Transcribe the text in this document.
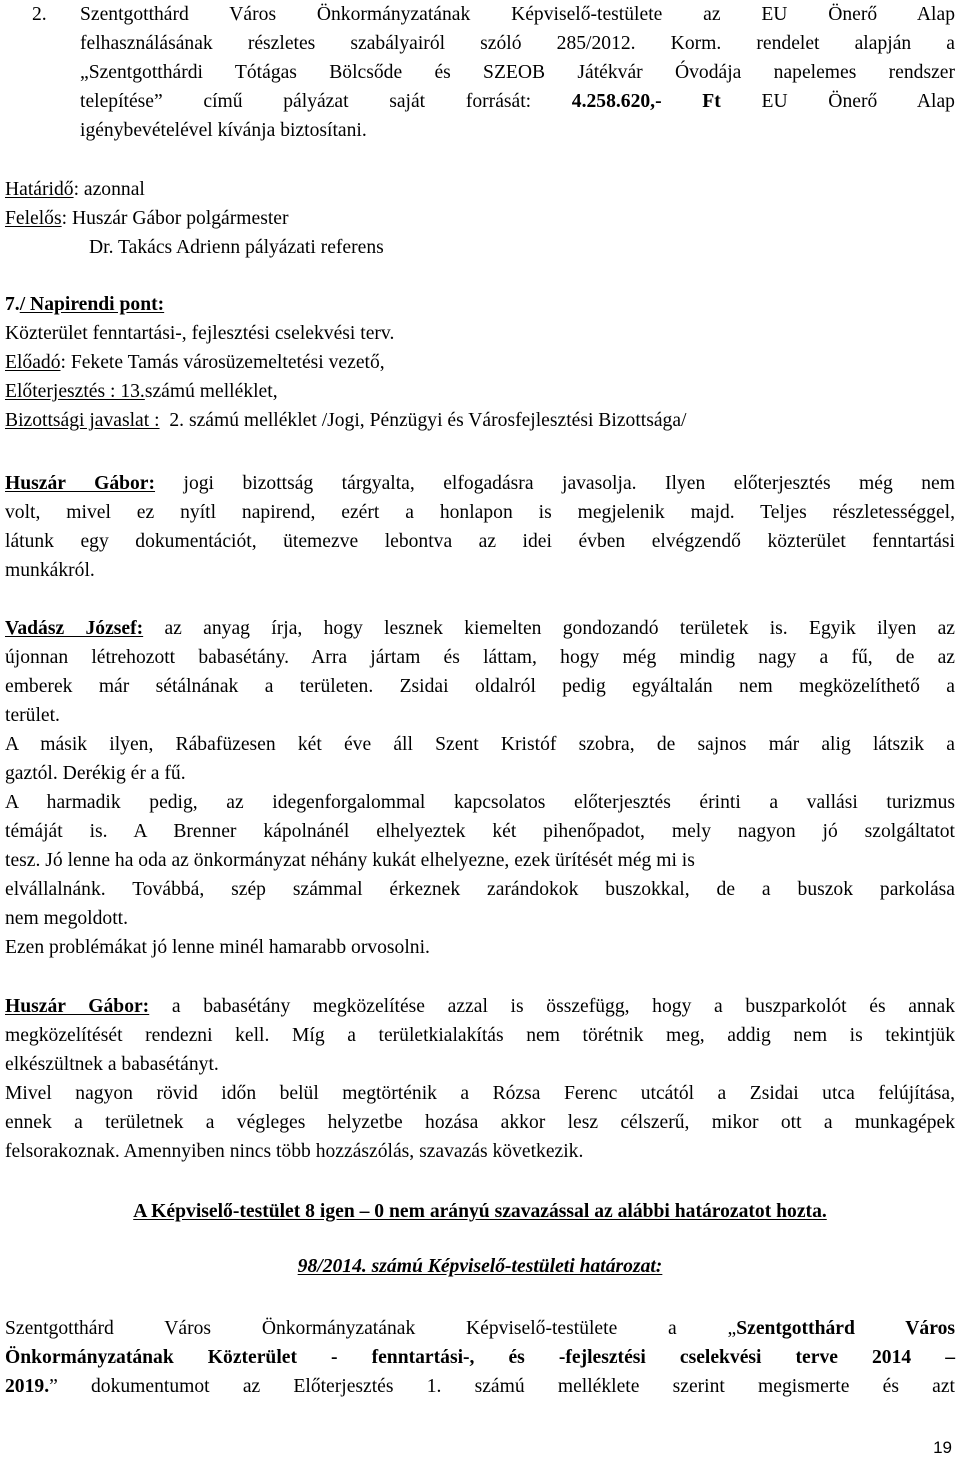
2. Szentgotthárd Város Önkormányzatának Képviselő-testülete az EU Önerő Alap
felhasználásának részletes szabályairól szóló 285/2012. Korm. rendelet alapján a
„Szentgotthárdi Tótágas Bölcsőde és SZEOB Játékvár Óvodája napelemes rendszer
telepítése” című pályázat saját forrását: 4.258.620,- Ft EU Önerő Alap
igénybevételével kívánja biztosítani.
Határidő: azonnal
Felelős: Huszár Gábor polgármester
Dr. Takács Adrienn pályázati referens
7./ Napirendi pont:
Közterület fenntartási-, fejlesztési cselekvési terv.
Előadó: Fekete Tamás városüzemeltetési vezető,
Előterjesztés : 13.számú melléklet,
Bizottsági javaslat :  2. számú melléklet /Jogi, Pénzügyi és Városfejlesztési Bizottsága/
Huszár Gábor: jogi bizottság tárgyalta, elfogadásra javasolja. Ilyen előterjesztés még nem
volt, mivel ez nyítl napirend, ezért a honlapon is megjelenik majd. Teljes részletességgel,
látunk egy dokumentációt, ütemezve lebontva az idei évben elvégzendő közterület fenntartási
munkákról.
Vadász József: az anyag írja, hogy lesznek kiemelten gondozandó területek is. Egyik ilyen az
újonnan létrehozott babasétány. Arra jártam és láttam, hogy még mindig nagy a fű, de az
emberek már sétálnának a területen. Zsidai oldalról pedig egyáltalán nem megközelíthető a
terület.
A másik ilyen, Rábafüzesen két éve áll Szent Kristóf szobra, de sajnos már alig látszik a
gaztól. Derékig ér a fű.
A harmadik pedig, az idegenforgalommal kapcsolatos előterjesztés érinti a vallási turizmus
témáját is. A Brenner kápolnánél elhelyeztek két pihenőpadot, mely nagyon jó szolgáltatot
tesz. Jó lenne ha oda az önkormányzat néhány kukát elhelyezne, ezek ürítését még mi is
elvállalnánk. Továbbá, szép számmal érkeznek zarándokok buszokkal, de a buszok parkolása
nem megoldott.
Ezen problémákat jó lenne minél hamarabb orvosolni.
Huszár Gábor: a babasétány megközelítése azzal is összefügg, hogy a buszparkolót és annak
megközelítését rendezni kell. Míg a területkialakítás nem törétnik meg, addig nem is tekintjük
elkészültnek a babasétányt.
Mivel nagyon rövid időn belül megtörténik a Rózsa Ferenc utcától a Zsidai utca felújítása,
ennek a területnek a végleges helyzetbe hozása akkor lesz célszerű, mikor ott a munkagépek
felsorakoznak. Amennyiben nincs több hozzászólás, szavazás következik.
A Képviselő-testület 8 igen – 0 nem arányú szavazással az alábbi határozatot hozta.
98/2014. számú Képviselő-testületi határozat:
Szentgotthárd Város Önkormányzatának Képviselő-testülete a „Szentgotthárd Város
Önkormányzatának Közterület - fenntartási-, és -fejlesztési cselekvési terve 2014 –
2019.” dokumentumot az Előterjesztés 1. számú melléklete szerint megismerte és azt
19
